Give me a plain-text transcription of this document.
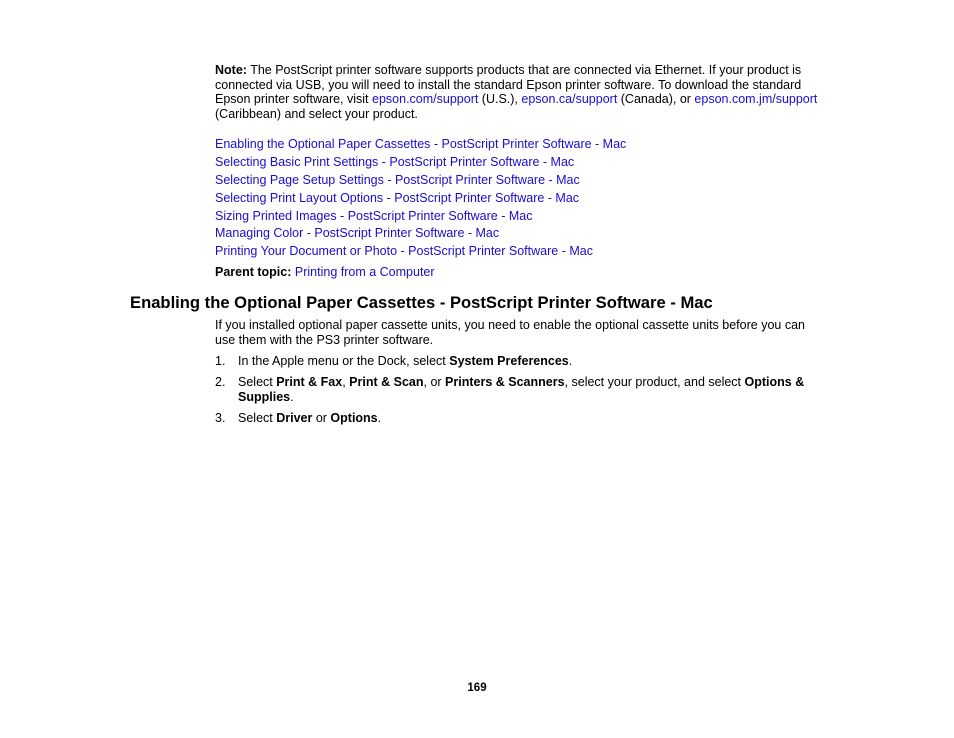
Note: The PostScript printer software supports products that are connected via Ethernet. If your product is connected via USB, you will need to install the standard Epson printer software. To download the standard Epson printer software, visit epson.com/support (U.S.), epson.ca/support (Canada), or epson.com.jm/support (Caribbean) and select your product.

Enabling the Optional Paper Cassettes - PostScript Printer Software - Mac
Selecting Basic Print Settings - PostScript Printer Software - Mac
Selecting Page Setup Settings - PostScript Printer Software - Mac
Selecting Print Layout Options - PostScript Printer Software - Mac
Sizing Printed Images - PostScript Printer Software - Mac
Managing Color - PostScript Printer Software - Mac
Printing Your Document or Photo - PostScript Printer Software - Mac

Parent topic: Printing from a Computer

Enabling the Optional Paper Cassettes - PostScript Printer Software - Mac

If you installed optional paper cassette units, you need to enable the optional cassette units before you can use them with the PS3 printer software.

1.	In the Apple menu or the Dock, select System Preferences.
2.	Select Print & Fax, Print & Scan, or Printers & Scanners, select your product, and select Options & Supplies.
3.	Select Driver or Options.
169
